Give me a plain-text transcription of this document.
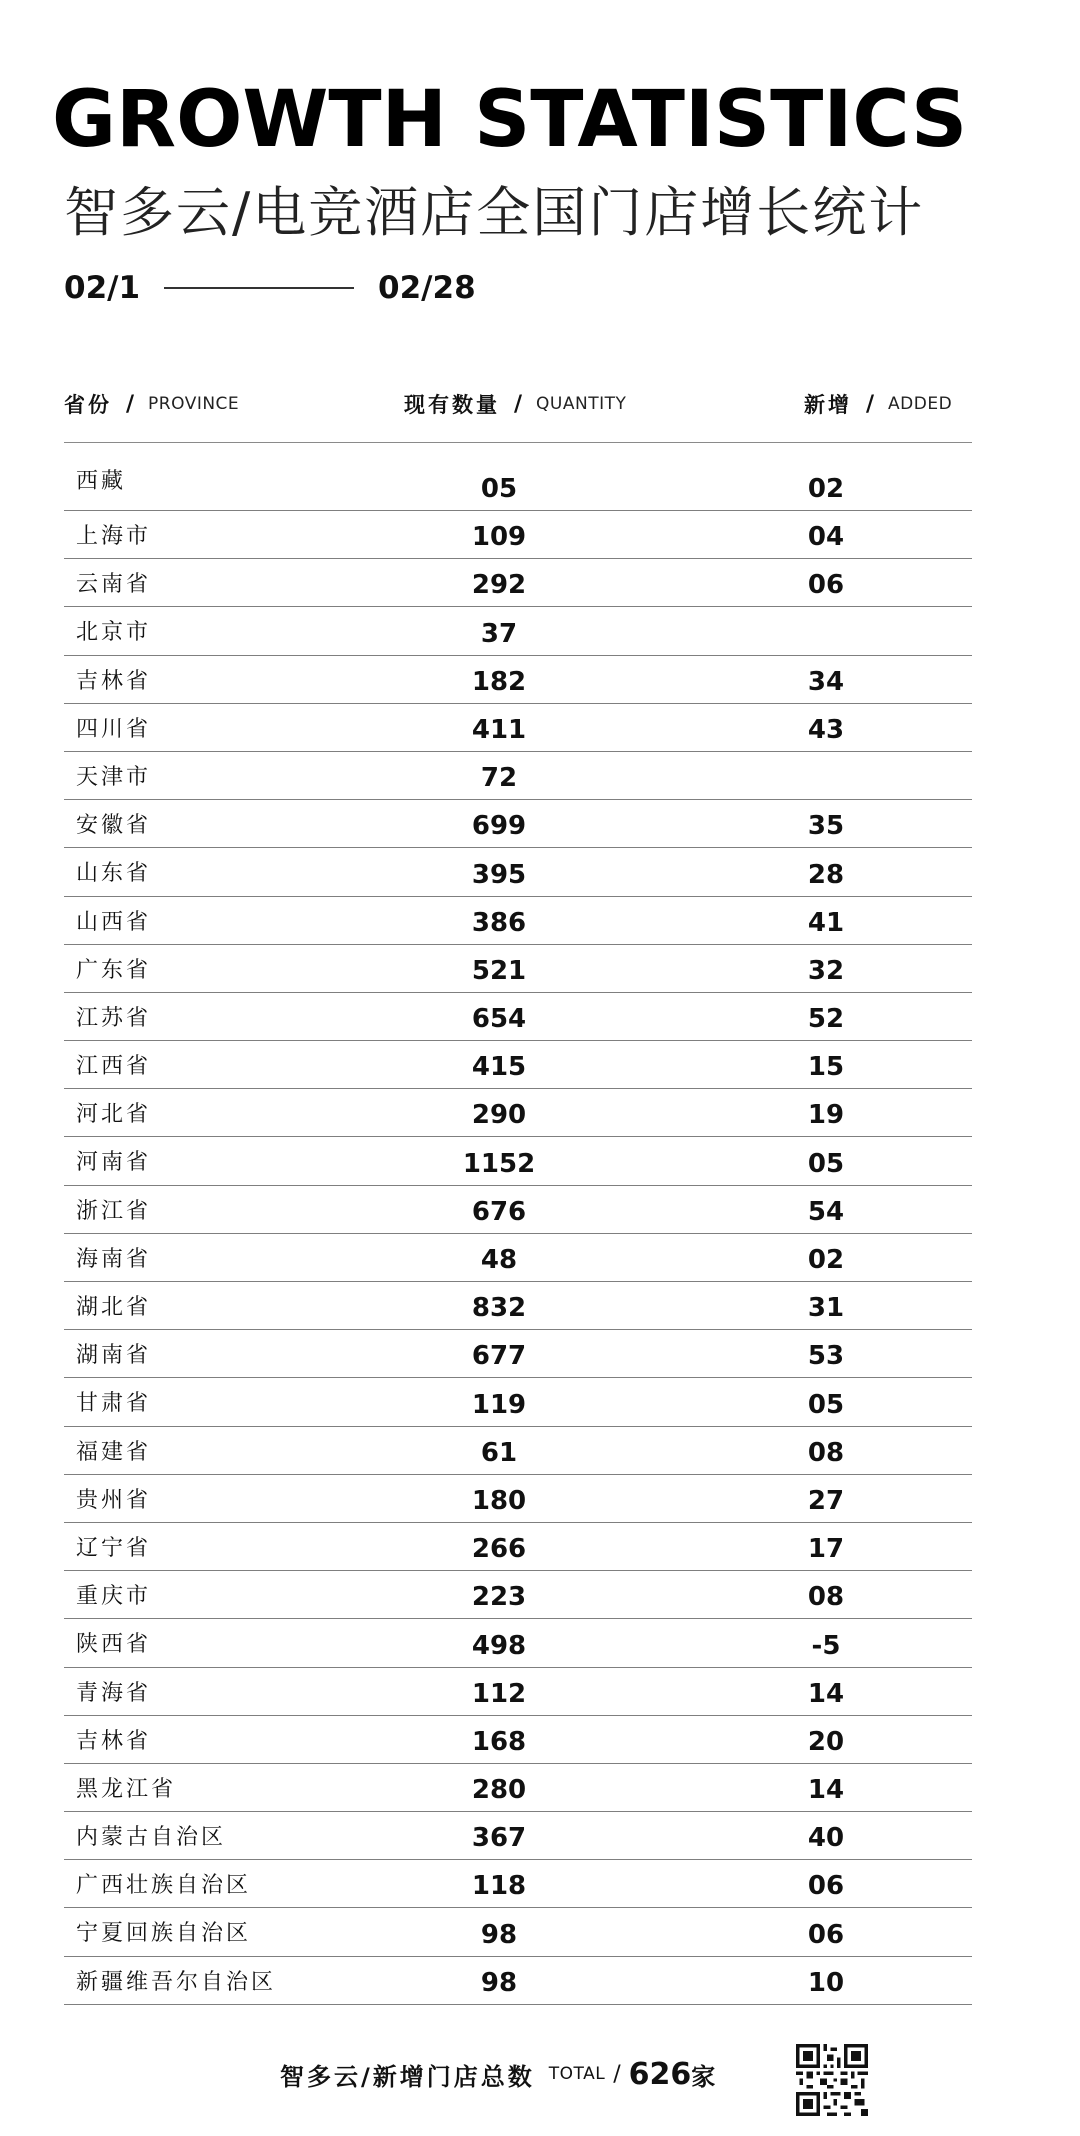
GROWTH STATISTICS
智多云/电竞酒店全国门店增长统计
02/1	02/28
省份 / PROVINCE	现有数量 / QUANTITY	新增 / ADDED
西藏	05	02
上海市	109	04
云南省	292	06
北京市	37
吉林省	182	34
四川省	411	43
天津市	72
安徽省	699	35
山东省	395	28
山西省	386	41
广东省	521	32
江苏省	654	52
江西省	415	15
河北省	290	19
河南省	1152	05
浙江省	676	54
海南省	48	02
湖北省	832	31
湖南省	677	53
甘肃省	119	05
福建省	61	08
贵州省	180	27
辽宁省	266	17
重庆市	223	08
陕西省	498	-5
青海省	112	14
吉林省	168	20
黑龙江省	280	14
内蒙古自治区	367	40
广西壮族自治区	118	06
宁夏回族自治区	98	06
新疆维吾尔自治区	98	10
智多云/新增门店总数 TOTAL / 626 家
